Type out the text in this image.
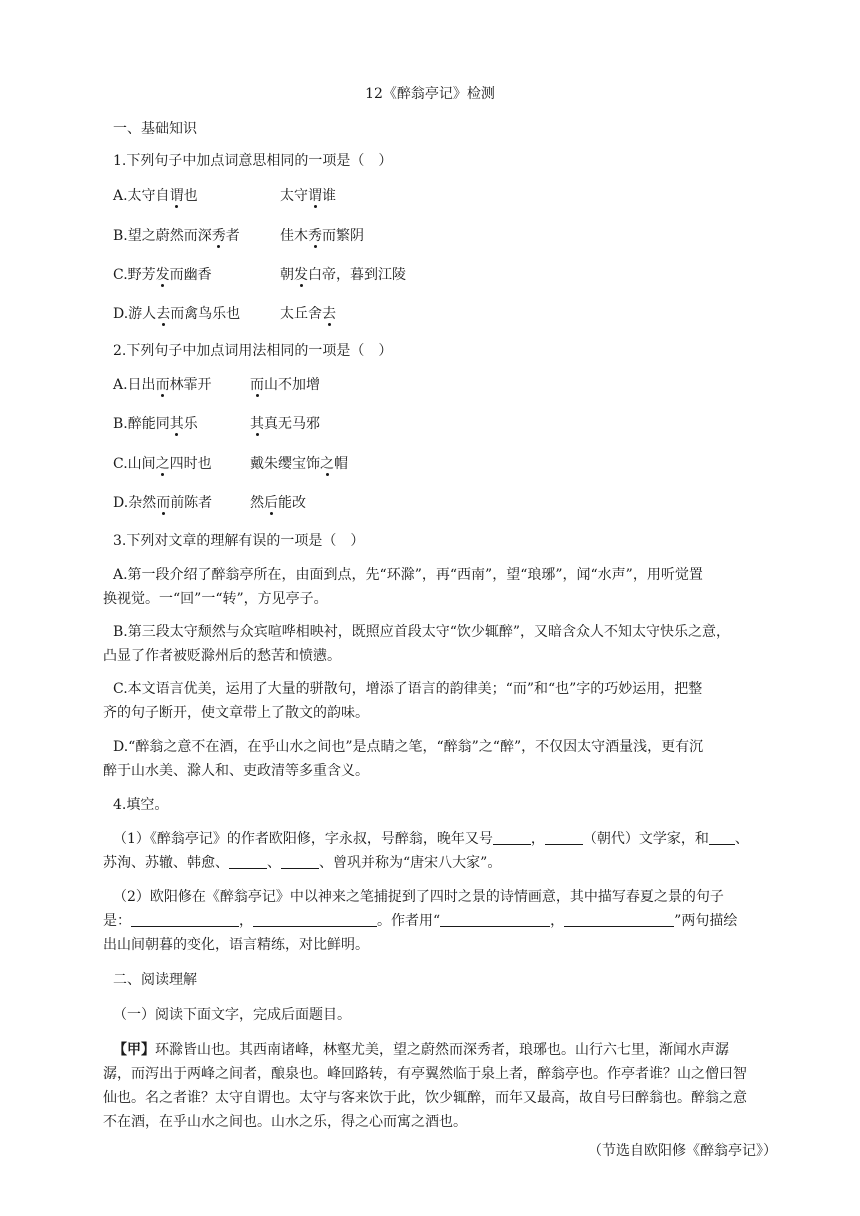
12《醉翁亭记》检测
一、基础知识
1.下列句子中加点词意思相同的一项是（　）
A.太守自谓也	太守谓谁
B.望之蔚然而深秀者	佳木秀而繁阴
C.野芳发而幽香	朝发白帝，暮到江陵
D.游人去而禽鸟乐也	太丘舍去
2.下列句子中加点词用法相同的一项是（　）
A.日出而林霏开	而山不加增
B.醉能同其乐	其真无马邪
C.山间之四时也	戴朱缨宝饰之帽
D.杂然而前陈者	然后能改
3.下列对文章的理解有误的一项是（　）
A.第一段介绍了醉翁亭所在，由面到点，先“环滁”，再“西南”，望“琅琊”，闻“水声”，用听觉置
换视觉。一“回”一“转”，方见亭子。
B.第三段太守颓然与众宾喧哗相映衬，既照应首段太守“饮少辄醉”，又暗含众人不知太守快乐之意，
凸显了作者被贬滁州后的愁苦和愤懑。
C.本文语言优美，运用了大量的骈散句，增添了语言的韵律美；“而”和“也”字的巧妙运用，把整
齐的句子断开，使文章带上了散文的韵味。
D.“醉翁之意不在酒，在乎山水之间也”是点睛之笔，“醉翁”之“醉”，不仅因太守酒量浅，更有沉
醉于山水美、滁人和、吏政清等多重含义。
4.填空。
（1）《醉翁亭记》的作者欧阳修，字永叔，号醉翁，晚年又号	，	（朝代）文学家，和 、
苏洵、苏辙、韩愈、	、	、曾巩并称为“唐宋八大家”。
（2）欧阳修在《醉翁亭记》中以神来之笔捕捉到了四时之景的诗情画意，其中描写春夏之景的句子
是：	，	。作者用“	，	”两句描绘
出山间朝暮的变化，语言精练，对比鲜明。
二、阅读理解
（一）阅读下面文字，完成后面题目。
【甲】环滁皆山也。其西南诸峰，林壑尤美，望之蔚然而深秀者，琅琊也。山行六七里，渐闻水声潺
潺，而泻出于两峰之间者，酿泉也。峰回路转，有亭翼然临于泉上者，醉翁亭也。作亭者谁？山之僧曰智
仙也。名之者谁？太守自谓也。太守与客来饮于此，饮少辄醉，而年又最高，故自号曰醉翁也。醉翁之意
不在酒，在乎山水之间也。山水之乐，得之心而寓之酒也。
（节选自欧阳修《醉翁亭记》）
